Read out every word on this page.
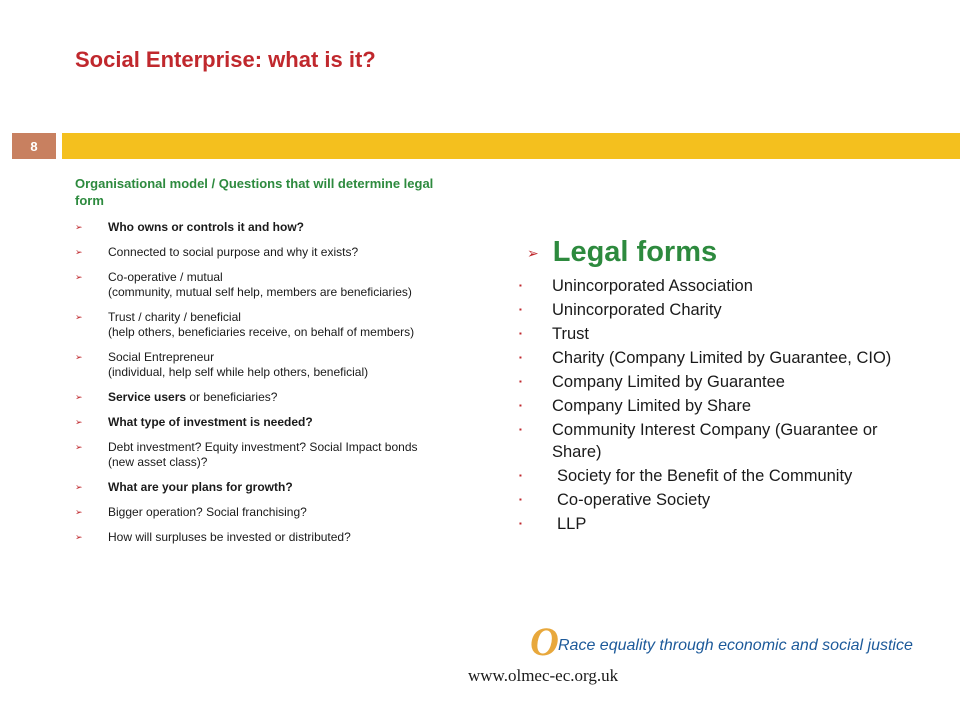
Social Enterprise: what is it?
8
Organisational model / Questions that will determine legal form
➢ Who owns or controls it and how?
➢ Connected to social purpose and why it exists?
➢ Co-operative / mutual
(community, mutual self help, members are beneficiaries)
➢ Trust / charity / beneficial
(help others, beneficiaries receive, on behalf of members)
➢ Social Entrepreneur
(individual, help self while help others, beneficial)
➢ Service users or beneficiaries?
➢ What type of investment is needed?
➢ Debt investment? Equity investment? Social Impact bonds (new asset class)?
➢ What are your plans for growth?
➢ Bigger operation? Social franchising?
➢ How will surpluses be invested or distributed?
➢ Legal forms
▪ Unincorporated Association
▪ Unincorporated Charity
▪ Trust
▪ Charity (Company Limited by Guarantee, CIO)
▪ Company Limited by Guarantee
▪ Company Limited by Share
▪ Community Interest Company (Guarantee or Share)
▪ Society for the Benefit of the Community
▪ Co-operative Society
▪ LLP
O Race equality through economic and social justice
www.olmec-ec.org.uk
